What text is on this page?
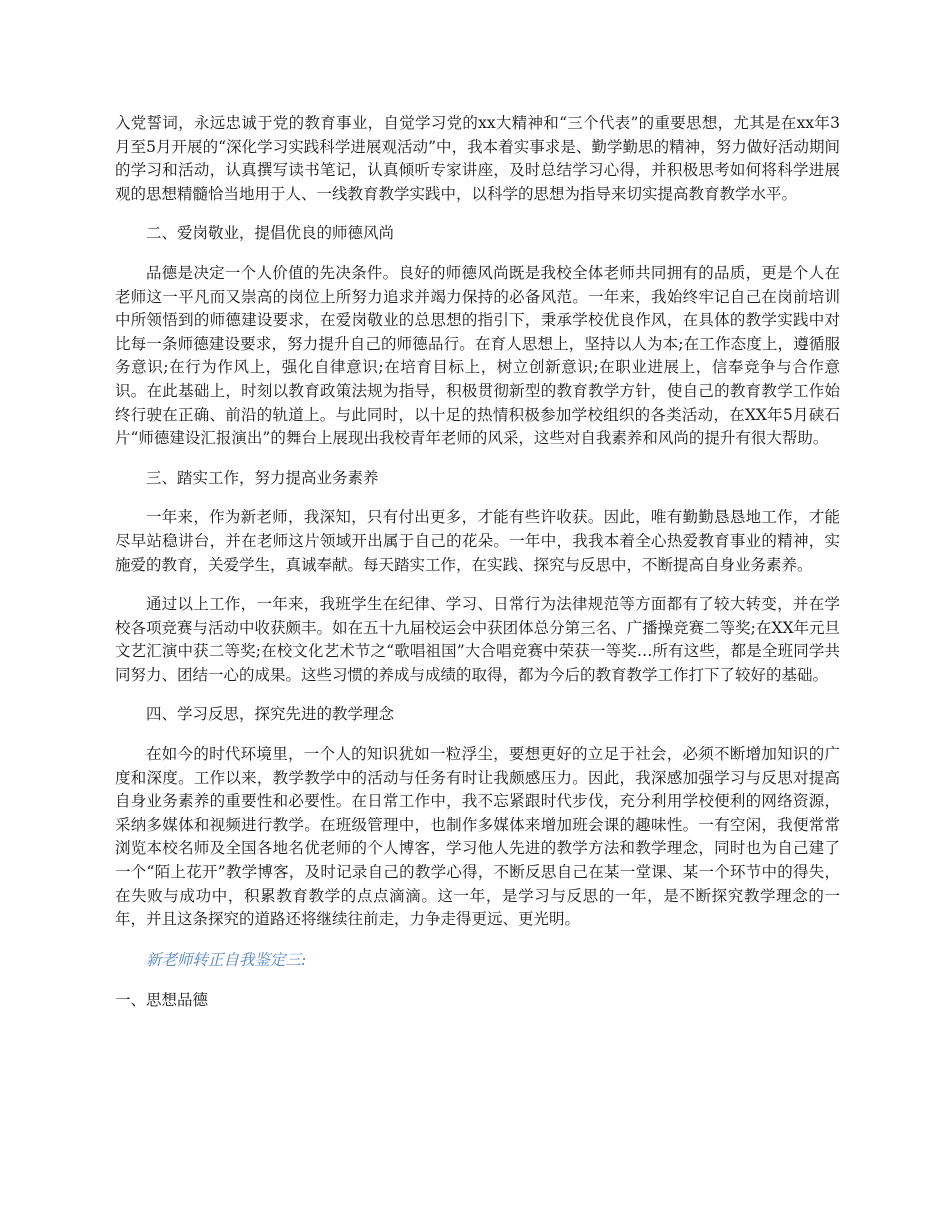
入党誓词，永远忠诚于党的教育事业，自觉学习党的xx大精神和“三个代表”的重要思想，尤其是在xx年3月至5月开展的“深化学习实践科学进展观活动”中，我本着实事求是、勤学勤思的精神，努力做好活动期间的学习和活动，认真撰写读书笔记，认真倾听专家讲座，及时总结学习心得，并积极思考如何将科学进展观的思想精髓恰当地用于人、一线教育教学实践中，以科学的思想为指导来切实提高教育教学水平。

二、爱岗敬业，提倡优良的师德风尚

品德是决定一个人价值的先决条件。良好的师德风尚既是我校全体老师共同拥有的品质，更是个人在老师这一平凡而又崇高的岗位上所努力追求并竭力保持的必备风范。一年来，我始终牢记自己在岗前培训中所领悟到的师德建设要求，在爱岗敬业的总思想的指引下，秉承学校优良作风，在具体的教学实践中对比每一条师德建设要求，努力提升自己的师德品行。在育人思想上，坚持以人为本;在工作态度上，遵循服务意识;在行为作风上，强化自律意识;在培育目标上，树立创新意识;在职业进展上，信奉竞争与合作意识。在此基础上，时刻以教育政策法规为指导，积极贯彻新型的教育教学方针，使自己的教育教学工作始终行驶在正确、前沿的轨道上。与此同时，以十足的热情积极参加学校组织的各类活动，在XX年5月硖石片“师德建设汇报演出”的舞台上展现出我校青年老师的风采，这些对自我素养和风尚的提升有很大帮助。

三、踏实工作，努力提高业务素养

一年来，作为新老师，我深知，只有付出更多，才能有些许收获。因此，唯有勤勤恳恳地工作，才能尽早站稳讲台，并在老师这片领域开出属于自己的花朵。一年中，我我本着全心热爱教育事业的精神，实施爱的教育，关爱学生，真诚奉献。每天踏实工作，在实践、探究与反思中，不断提高自身业务素养。

通过以上工作，一年来，我班学生在纪律、学习、日常行为法律规范等方面都有了较大转变，并在学校各项竞赛与活动中收获颇丰。如在五十九届校运会中获团体总分第三名、广播操竞赛二等奖;在XX年元旦文艺汇演中获二等奖;在校文化艺术节之“歌唱祖国”大合唱竞赛中荣获一等奖…所有这些，都是全班同学共同努力、团结一心的成果。这些习惯的养成与成绩的取得，都为今后的教育教学工作打下了较好的基础。

四、学习反思，探究先进的教学理念

在如今的时代环境里，一个人的知识犹如一粒浮尘，要想更好的立足于社会，必须不断增加知识的广度和深度。工作以来，教学教学中的活动与任务有时让我颇感压力。因此，我深感加强学习与反思对提高自身业务素养的重要性和必要性。在日常工作中，我不忘紧跟时代步伐，充分利用学校便利的网络资源，采纳多媒体和视频进行教学。在班级管理中，也制作多媒体来增加班会课的趣味性。一有空闲，我便常常浏览本校名师及全国各地名优老师的个人博客，学习他人先进的教学方法和教学理念，同时也为自己建了一个“陌上花开”教学博客，及时记录自己的教学心得，不断反思自己在某一堂课、某一个环节中的得失，在失败与成功中，积累教育教学的点点滴滴。这一年，是学习与反思的一年，是不断探究教学理念的一年，并且这条探究的道路还将继续往前走，力争走得更远、更光明。

新老师转正自我鉴定三:

一、思想品德
